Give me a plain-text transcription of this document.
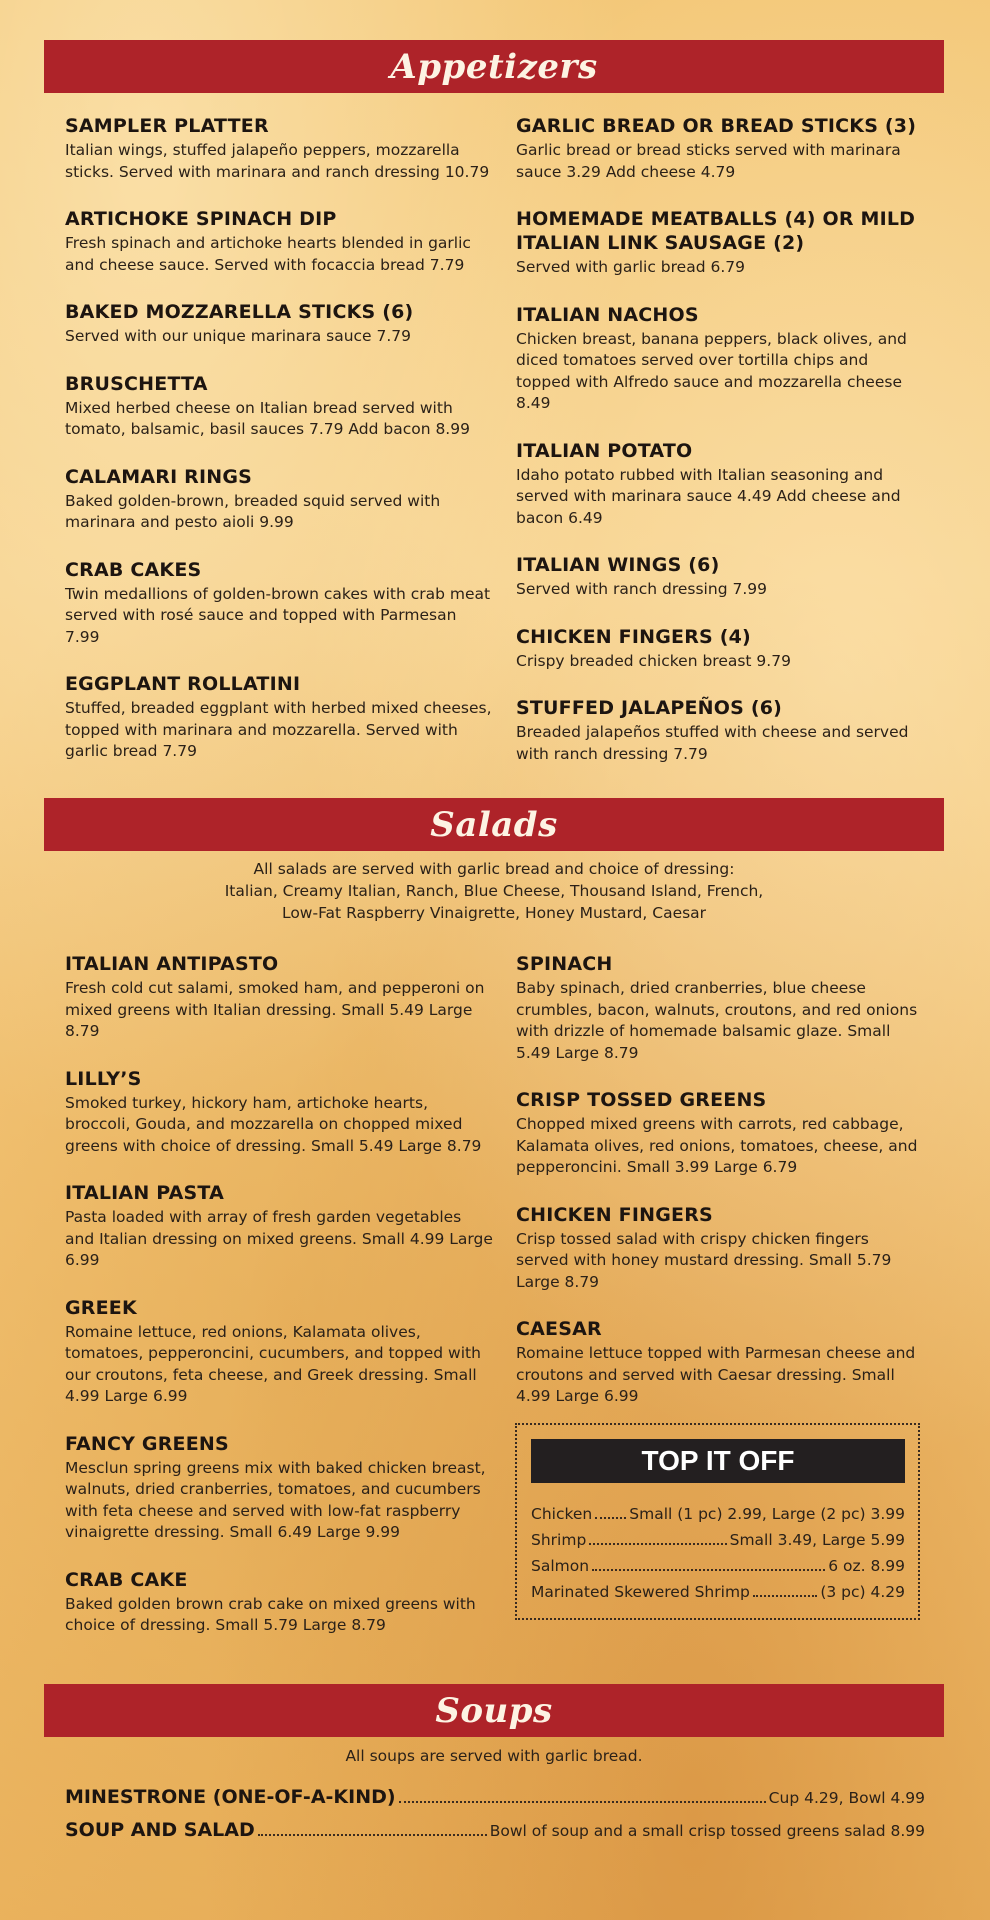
Appetizers
SAMPLER PLATTER

Italian wings, stuffed jalapeño peppers, mozzarella sticks. Served with marinara and ranch dressing 10.79

ARTICHOKE SPINACH DIP

Fresh spinach and artichoke hearts blended in garlic and cheese sauce. Served with focaccia bread 7.79

BAKED MOZZARELLA STICKS (6)

Served with our unique marinara sauce 7.79

BRUSCHETTA

Mixed herbed cheese on Italian bread served with tomato, balsamic, basil sauces 7.79 Add bacon 8.99

CALAMARI RINGS

Baked golden-brown, breaded squid served with marinara and pesto aioli 9.99

CRAB CAKES

Twin medallions of golden-brown cakes with crab meat served with rosé sauce and topped with Parmesan 7.99

EGGPLANT ROLLATINI

Stuffed, breaded eggplant with herbed mixed cheeses, topped with marinara and mozzarella. Served with garlic bread 7.79

GARLIC BREAD OR BREAD STICKS (3)

Garlic bread or bread sticks served with marinara sauce 3.29 Add cheese 4.79

HOMEMADE MEATBALLS (4) OR MILD ITALIAN LINK SAUSAGE (2)

Served with garlic bread 6.79

ITALIAN NACHOS

Chicken breast, banana peppers, black olives, and diced tomatoes served over tortilla chips and topped with Alfredo sauce and mozzarella cheese 8.49

ITALIAN POTATO

Idaho potato rubbed with Italian seasoning and served with marinara sauce 4.49 Add cheese and bacon 6.49

ITALIAN WINGS (6)

Served with ranch dressing 7.99

CHICKEN FINGERS (4)

Crispy breaded chicken breast 9.79

STUFFED JALAPEÑOS (6)

Breaded jalapeños stuffed with cheese and served with ranch dressing 7.79

Salads
All salads are served with garlic bread and choice of dressing:
Italian, Creamy Italian, Ranch, Blue Cheese, Thousand Island, French,
Low-Fat Raspberry Vinaigrette, Honey Mustard, Caesar
ITALIAN ANTIPASTO

Fresh cold cut salami, smoked ham, and pepperoni on mixed greens with Italian dressing. Small 5.49 Large 8.79

LILLY’S

Smoked turkey, hickory ham, artichoke hearts, broccoli, Gouda, and mozzarella on chopped mixed greens with choice of dressing. Small 5.49 Large 8.79

ITALIAN PASTA

Pasta loaded with array of fresh garden vegetables and Italian dressing on mixed greens. Small 4.99 Large 6.99

GREEK

Romaine lettuce, red onions, Kalamata olives, tomatoes, pepperoncini, cucumbers, and topped with our croutons, feta cheese, and Greek dressing. Small 4.99 Large 6.99

FANCY GREENS

Mesclun spring greens mix with baked chicken breast, walnuts, dried cranberries, tomatoes, and cucumbers with feta cheese and served with low-fat raspberry vinaigrette dressing. Small 6.49 Large 9.99

CRAB CAKE

Baked golden brown crab cake on mixed greens with choice of dressing. Small 5.79 Large 8.79

SPINACH

Baby spinach, dried cranberries, blue cheese crumbles, bacon, walnuts, croutons, and red onions with drizzle of homemade balsamic glaze. Small 5.49 Large 8.79

CRISP TOSSED GREENS

Chopped mixed greens with carrots, red cabbage, Kalamata olives, red onions, tomatoes, cheese, and pepperoncini. Small 3.99 Large 6.79

CHICKEN FINGERS

Crisp tossed salad with crispy chicken fingers served with honey mustard dressing. Small 5.79 Large 8.79

CAESAR

Romaine lettuce topped with Parmesan cheese and croutons and served with Caesar dressing. Small 4.99 Large 6.99

TOP IT OFF
Chicken Small (1 pc) 2.99, Large (2 pc) 3.99
Shrimp	Small 3.49, Large 5.99
Salmon	6 oz. 8.99
Marinated Skewered Shrimp	(3 pc) 4.29
Soups
All soups are served with garlic bread.
MINESTRONE (ONE-OF-A-KIND)	Cup 4.29, Bowl 4.99
SOUP AND SALAD	Bowl of soup and a small crisp tossed greens salad 8.99
